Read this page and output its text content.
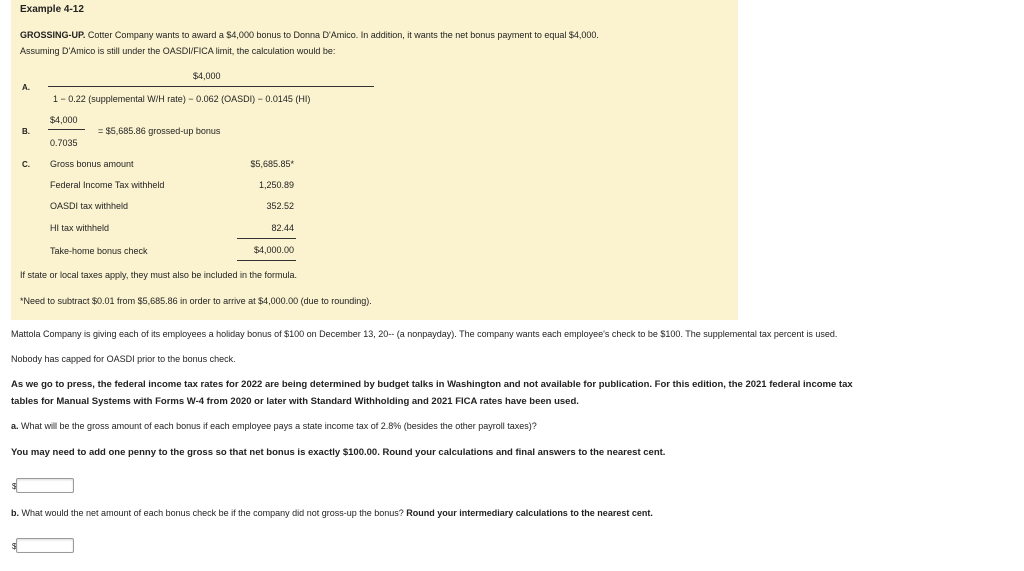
Example 4-12
GROSSING-UP. Cotter Company wants to award a $4,000 bonus to Donna D'Amico. In addition, it wants the net bonus payment to equal $4,000.
Assuming D'Amico is still under the OASDI/FICA limit, the calculation would be:
A.
$4,000
1 − 0.22 (supplemental W/H rate) − 0.062 (OASDI) − 0.0145 (HI)
B.
$4,000
0.7035
= $5,685.86 grossed-up bonus
C. Gross bonus amount	$5,685.85*
Federal Income Tax withheld	1,250.89
OASDI tax withheld	352.52
HI tax withheld	82.44
Take-home bonus check	$4,000.00
If state or local taxes apply, they must also be included in the formula.
*Need to subtract $0.01 from $5,685.86 in order to arrive at $4,000.00 (due to rounding).
Mattola Company is giving each of its employees a holiday bonus of $100 on December 13, 20-- (a nonpayday). The company wants each employee's check to be $100. The supplemental tax percent is used.
Nobody has capped for OASDI prior to the bonus check.
As we go to press, the federal income tax rates for 2022 are being determined by budget talks in Washington and not available for publication. For this edition, the 2021 federal income tax
tables for Manual Systems with Forms W-4 from 2020 or later with Standard Withholding and 2021 FICA rates have been used.
a. What will be the gross amount of each bonus if each employee pays a state income tax of 2.8% (besides the other payroll taxes)?
You may need to add one penny to the gross so that net bonus is exactly $100.00. Round your calculations and final answers to the nearest cent.
$
b. What would the net amount of each bonus check be if the company did not gross-up the bonus? Round your intermediary calculations to the nearest cent.
$
